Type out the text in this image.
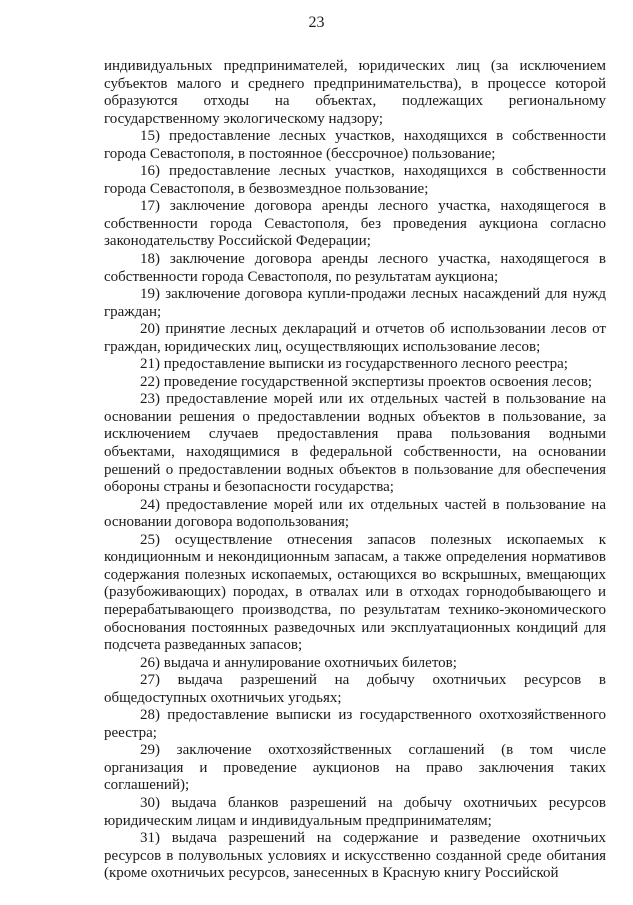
23

индивидуальных предпринимателей, юридических лиц (за исключением субъектов малого и среднего предпринимательства), в процессе которой образуются отходы на объектах, подлежащих региональному государственному экологическому надзору;

15) предоставление лесных участков, находящихся в собственности города Севастополя, в постоянное (бессрочное) пользование;

16) предоставление лесных участков, находящихся в собственности города Севастополя, в безвозмездное пользование;

17) заключение договора аренды лесного участка, находящегося в собственности города Севастополя, без проведения аукциона согласно законодательству Российской Федерации;

18) заключение договора аренды лесного участка, находящегося в собственности города Севастополя, по результатам аукциона;

19) заключение договора купли-продажи лесных насаждений для нужд граждан;

20) принятие лесных деклараций и отчетов об использовании лесов от граждан, юридических лиц, осуществляющих использование лесов;

21) предоставление выписки из государственного лесного реестра;

22) проведение государственной экспертизы проектов освоения лесов;

23) предоставление морей или их отдельных частей в пользование на основании решения о предоставлении водных объектов в пользование, за исключением случаев предоставления права пользования водными объектами, находящимися в федеральной собственности, на основании решений о предоставлении водных объектов в пользование для обеспечения обороны страны и безопасности государства;

24) предоставление морей или их отдельных частей в пользование на основании договора водопользования;

25) осуществление отнесения запасов полезных ископаемых к кондиционным и некондиционным запасам, а также определения нормативов содержания полезных ископаемых, остающихся во вскрышных, вмещающих (разубоживающих) породах, в отвалах или в отходах горнодобывающего и перерабатывающего производства, по результатам технико-экономического обоснования постоянных разведочных или эксплуатационных кондиций для подсчета разведанных запасов;

26) выдача и аннулирование охотничьих билетов;

27) выдача разрешений на добычу охотничьих ресурсов в общедоступных охотничьих угодьях;

28) предоставление выписки из государственного охотхозяйственного реестра;

29) заключение охотхозяйственных соглашений (в том числе организация и проведение аукционов на право заключения таких соглашений);

30) выдача бланков разрешений на добычу охотничьих ресурсов юридическим лицам и индивидуальным предпринимателям;

31) выдача разрешений на содержание и разведение охотничьих ресурсов в полувольных условиях и искусственно созданной среде обитания (кроме охотничьих ресурсов, занесенных в Красную книгу Российской
